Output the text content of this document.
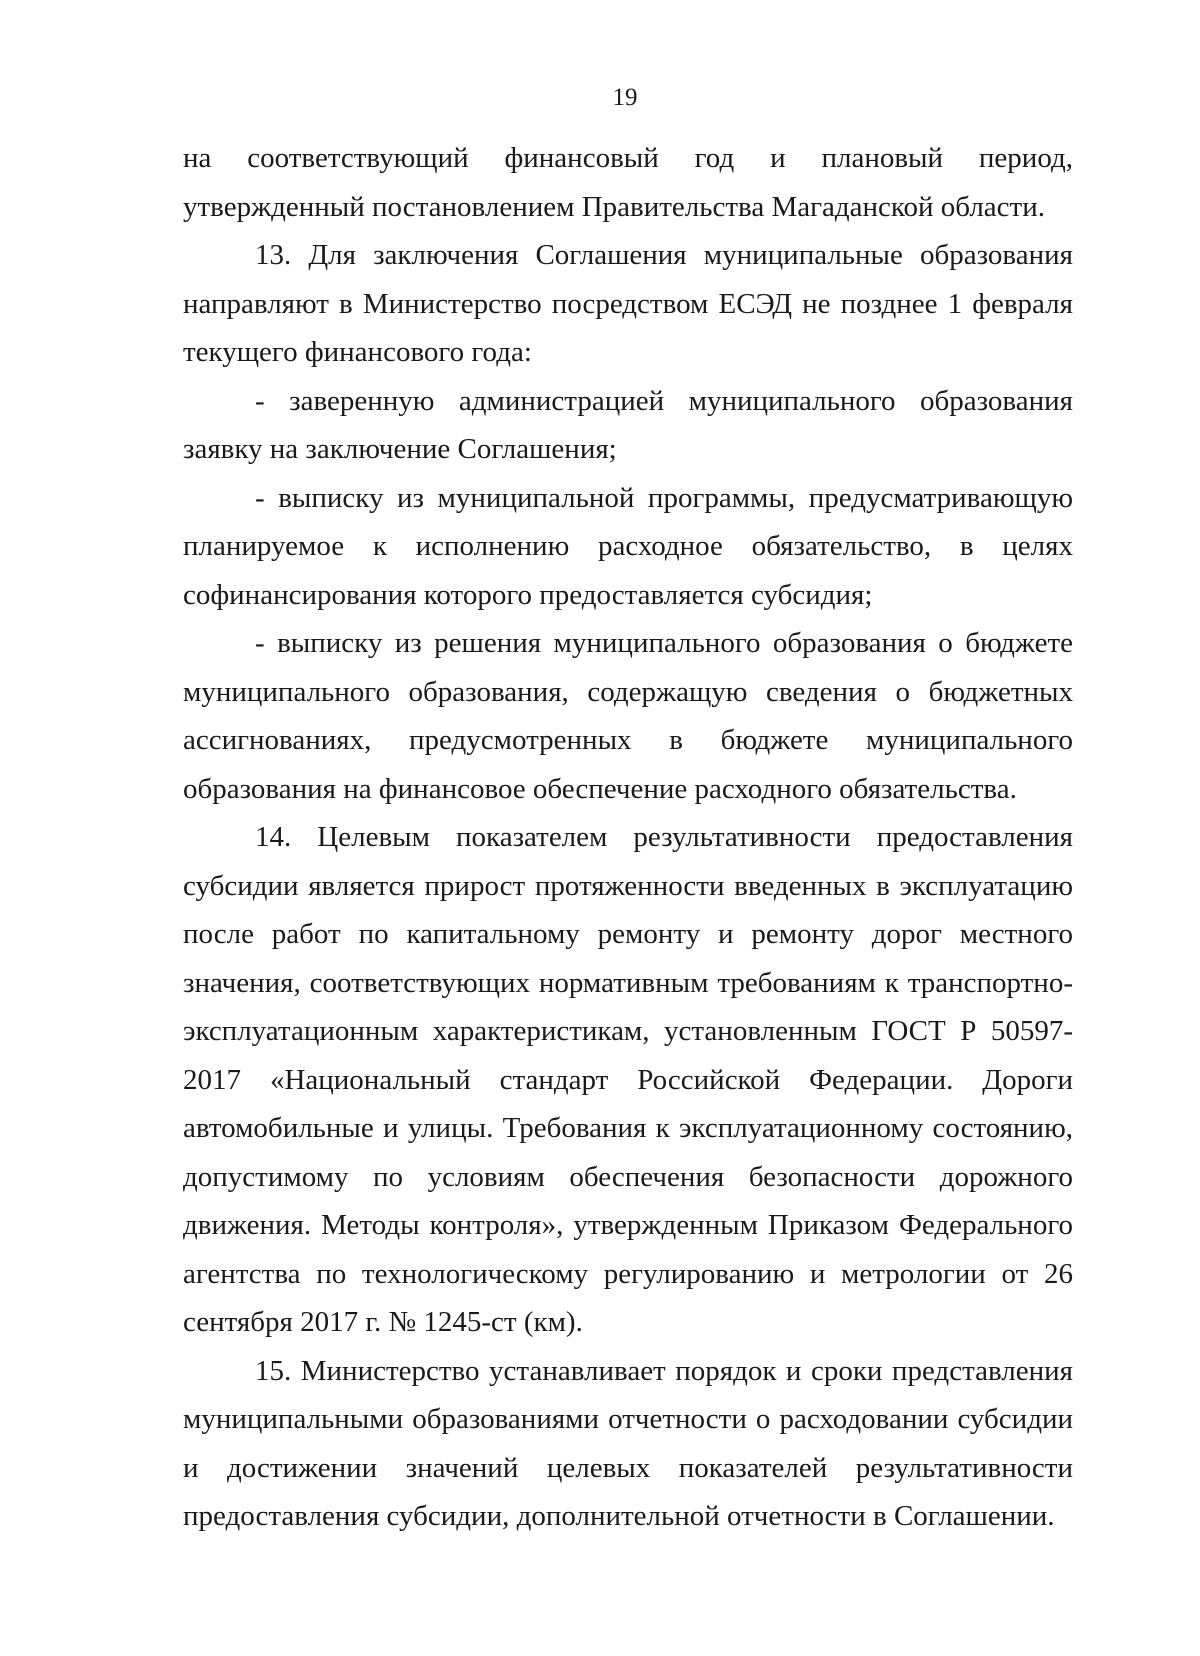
19

на соответствующий финансовый год и плановый период, утвержденный постановлением Правительства Магаданской области.

13. Для заключения Соглашения муниципальные образования направляют в Министерство посредством ЕСЭД не позднее 1 февраля текущего финансового года:

- заверенную администрацией муниципального образования заявку на заключение Соглашения;

- выписку из муниципальной программы, предусматривающую планируемое к исполнению расходное обязательство, в целях софинансирования которого предоставляется субсидия;

- выписку из решения муниципального образования о бюджете муниципального образования, содержащую сведения о бюджетных ассигнованиях, предусмотренных в бюджете муниципального образования на финансовое обеспечение расходного обязательства.

14. Целевым показателем результативности предоставления субсидии является прирост протяженности введенных в эксплуатацию после работ по капитальному ремонту и ремонту дорог местного значения, соответствующих нормативным требованиям к транспортно-эксплуатационным характеристикам, установленным ГОСТ Р 50597-2017 «Национальный стандарт Российской Федерации. Дороги автомобильные и улицы. Требования к эксплуатационному состоянию, допустимому по условиям обеспечения безопасности дорожного движения. Методы контроля», утвержденным Приказом Федерального агентства по технологическому регулированию и метрологии от 26 сентября 2017 г. № 1245-ст (км).

15. Министерство устанавливает порядок и сроки представления муниципальными образованиями отчетности о расходовании субсидии и достижении значений целевых показателей результативности предоставления субсидии, дополнительной отчетности в Соглашении.
